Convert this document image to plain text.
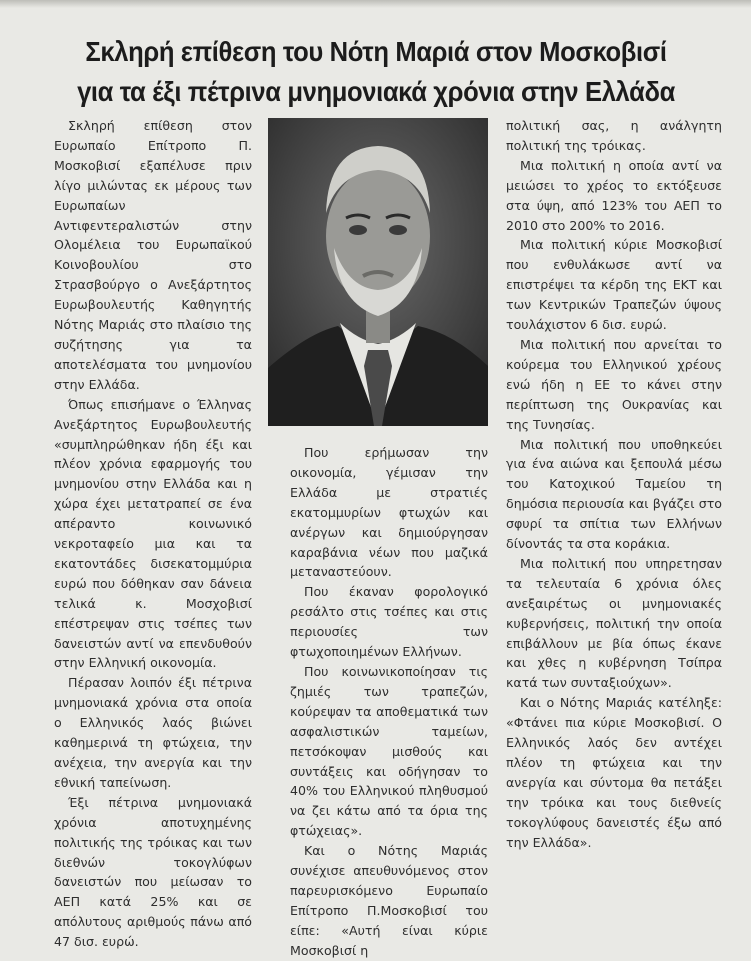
Σκληρή επίθεση του Νότη Μαριά στον Μοσκοβισί
για τα έξι πέτρινα μνημονιακά χρόνια στην Ελλάδα

Σκληρή επίθεση στον Ευρωπαίο Επίτροπο Π. Μοσκοβισί εξαπέλυσε πριν λίγο μιλώντας εκ μέρους των Ευρωπαίων Αντιφεντεραλιστών στην Ολομέλεια του Ευρωπαϊκού Κοινοβουλίου στο Στρασβούργο ο Ανεξάρτητος Ευρωβουλευτής Καθηγητής Νότης Μαριάς στο πλαίσιο της συζήτησης για τα αποτελέσματα του μνημονίου στην Ελλάδα.

Όπως επισήμανε ο Έλληνας Ανεξάρτητος Ευρωβουλευτής «συμπληρώθηκαν ήδη έξι και πλέον χρόνια εφαρμογής του μνημονίου στην Ελλάδα και η χώρα έχει μετατραπεί σε ένα απέραντο κοινωνικό νεκροταφείο μια και τα εκατοντάδες δισεκατομμύρια ευρώ που δόθηκαν σαν δάνεια τελικά κ. Μοσχοβισί επέστρεψαν στις τσέπες των δανειστών αντί να επενδυθούν στην Ελληνική οικονομία.

Πέρασαν λοιπόν έξι πέτρινα μνημονιακά χρόνια στα οποία ο Ελληνικός λαός βιώνει καθημερινά τη φτώχεια, την ανέχεια, την ανεργία και την εθνική ταπείνωση.

Έξι πέτρινα μνημονιακά χρόνια αποτυχημένης πολιτικής της τρόικας και των διεθνών τοκογλύφων δανειστών που μείωσαν το ΑΕΠ κατά 25% και σε απόλυτους αριθμούς πάνω από 47 δισ. ευρώ.

Που ερήμωσαν την οικονομία, γέμισαν την Ελλάδα με στρατιές εκατομμυρίων φτωχών και ανέργων και δημιούργησαν καραβάνια νέων που μαζικά μεταναστεύουν.

Που έκαναν φορολογικό ρεσάλτο στις τσέπες και στις περιουσίες των φτωχοποιημένων Ελλήνων.

Που κοινωνικοποίησαν τις ζημιές των τραπεζών, κούρεψαν τα αποθεματικά των ασφαλιστικών ταμείων, πετσόκοψαν μισθούς και συντάξεις και οδήγησαν το 40% του Ελληνικού πληθυσμού να ζει κάτω από τα όρια της φτώχειας».

Και ο Νότης Μαριάς συνέχισε απευθυνόμενος στον παρευρισκόμενο Ευρωπαίο Επίτροπο Π.Μοσκοβισί του είπε: «Αυτή είναι κύριε Μοσκοβισί η

πολιτική σας, η ανάλγητη πολιτική της τρόικας.

Μια πολιτική η οποία αντί να μειώσει το χρέος το εκτόξευσε στα ύψη, από 123% του ΑΕΠ το 2010 στο 200% το 2016.

Μια πολιτική κύριε Μοσκοβισί που ενθυλάκωσε αντί να επιστρέψει τα κέρδη της ΕΚΤ και των Κεντρικών Τραπεζών ύψους τουλάχιστον 6 δισ. ευρώ.

Μια πολιτική που αρνείται το κούρεμα του Ελληνικού χρέους ενώ ήδη η ΕΕ το κάνει στην περίπτωση της Ουκρανίας και της Τυνησίας.

Μια πολιτική που υποθηκεύει για ένα αιώνα και ξεπουλά μέσω του Κατοχικού Ταμείου τη δημόσια περιουσία και βγάζει στο σφυρί τα σπίτια των Ελλήνων δίνοντάς τα στα κοράκια.

Μια πολιτική που υπηρετησαν τα τελευταία 6 χρόνια όλες ανεξαιρέτως οι μνημονιακές κυβερνήσεις, πολιτική την οποία επιβάλλουν με βία όπως έκανε και χθες η κυβέρνηση Τσίπρα κατά των συνταξιούχων».

Και ο Νότης Μαριάς κατέληξε: «Φτάνει πια κύριε Μοσκοβισί. Ο Ελληνικός λαός δεν αντέχει πλέον τη φτώχεια και την ανεργία και σύντομα θα πετάξει την τρόικα και τους διεθνείς τοκογλύφους δανειστές έξω από την Ελλάδα».
